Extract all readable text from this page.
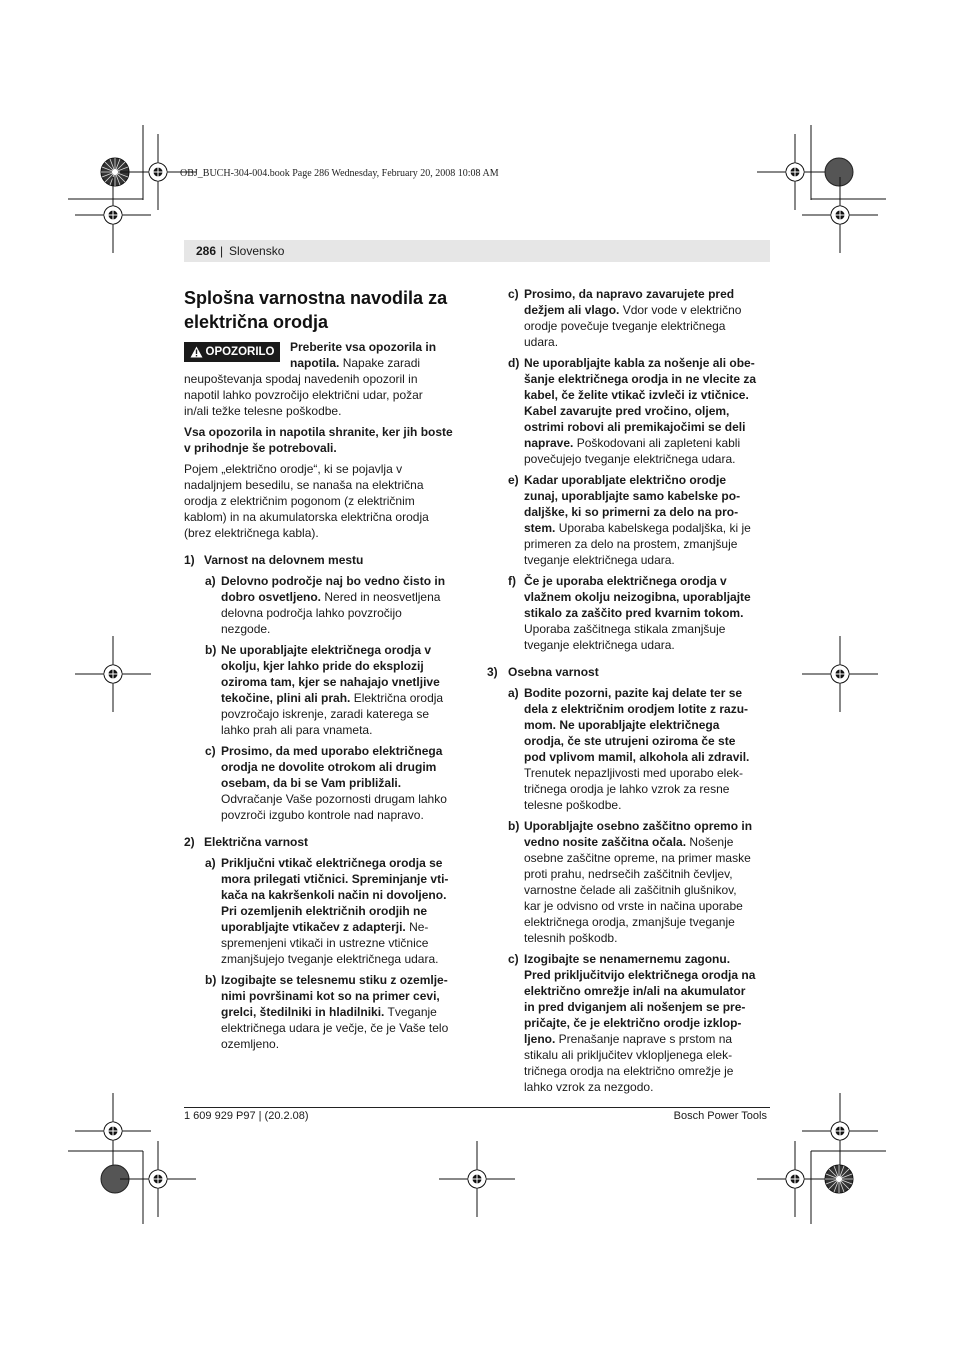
OBJ_BUCH-304-004.book Page 286 Wednesday, February 20, 2008 10:08 AM
286 | Slovensko
Splošna varnostna navodila za električna orodja
OPOZORILO Preberite vsa opozorila in napotila. Napake zaradi

neupoštevanja spodaj navedenih opozoril in

napotil lahko povzročijo električni udar, požar

in/ali težke telesne poškodbe.

Vsa opozorila in napotila shranite, ker jih boste

v prihodnje še potrebovali.

Pojem „električno orodje“, ki se pojavlja v

nadaljnjem besedilu, se nanaša na električna

orodja z električnim pogonom (z električnim

kablom) in na akumulatorska električna orodja

(brez električnega kabla).

1) Varnost na delovnem mestu
a) Delovno področje naj bo vedno čisto in

dobro osvetljeno. Nered in neosvetljena

delovna področja lahko povzročijo

nezgode.

b) Ne uporabljajte električnega orodja v

okolju, kjer lahko pride do eksplozij

oziroma tam, kjer se nahajajo vnetljive

tekočine, plini ali prah. Električna orodja

povzročajo iskrenje, zaradi katerega se

lahko prah ali para vnameta.

c) Prosimo, da med uporabo električnega

orodja ne dovolite otrokom ali drugim

osebam, da bi se Vam približali.

Odvračanje Vaše pozornosti drugam lahko

povzroči izgubo kontrole nad napravo.

2) Električna varnost
a) Priključni vtikač električnega orodja se

mora prilegati vtičnici. Spreminjanje vti-

kača na kakršenkoli način ni dovoljeno.

Pri ozemljenih električnih orodjih ne

uporabljajte vtikačev z adapterji. Ne-

spremenjeni vtikači in ustrezne vtičnice

zmanjšujejo tveganje električnega udara.

b) Izogibajte se telesnemu stiku z ozemlje-

nimi površinami kot so na primer cevi,

grelci, štedilniki in hladilniki. Tveganje

električnega udara je večje, če je Vaše telo

ozemljeno.

c) Prosimo, da napravo zavarujete pred

dežjem ali vlago. Vdor vode v električno

orodje povečuje tveganje električnega

udara.

d) Ne uporabljajte kabla za nošenje ali obe-

šanje električnega orodja in ne vlecite za

kabel, če želite vtikač izvleči iz vtičnice.

Kabel zavarujte pred vročino, oljem,

ostrimi robovi ali premikajočimi se deli

naprave. Poškodovani ali zapleteni kabli

povečujejo tveganje električnega udara.

e) Kadar uporabljate električno orodje

zunaj, uporabljajte samo kabelske po-

daljške, ki so primerni za delo na pro-

stem. Uporaba kabelskega podaljška, ki je

primeren za delo na prostem, zmanjšuje

tveganje električnega udara.

f) Če je uporaba električnega orodja v

vlažnem okolju neizogibna, uporabljajte

stikalo za zaščito pred kvarnim tokom.

Uporaba zaščitnega stikala zmanjšuje

tveganje električnega udara.

3) Osebna varnost
a) Bodite pozorni, pazite kaj delate ter se

dela z električnim orodjem lotite z razu-

mom. Ne uporabljajte električnega

orodja, če ste utrujeni oziroma če ste

pod vplivom mamil, alkohola ali zdravil.

Trenutek nepazljivosti med uporabo elek-

tričnega orodja je lahko vzrok za resne

telesne poškodbe.

b) Uporabljajte osebno zaščitno opremo in

vedno nosite zaščitna očala. Nošenje

osebne zaščitne opreme, na primer maske

proti prahu, nedrsečih zaščitnih čevljev,

varnostne čelade ali zaščitnih glušnikov,

kar je odvisno od vrste in načina uporabe

električnega orodja, zmanjšuje tveganje

telesnih poškodb.

c) Izogibajte se nenamernemu zagonu.

Pred priključitvijo električnega orodja na

električno omrežje in/ali na akumulator

in pred dviganjem ali nošenjem se pre-

pričajte, če je električno orodje izklop-

ljeno. Prenašanje naprave s prstom na

stikalu ali priključitev vklopljenega elek-

tričnega orodja na električno omrežje je

lahko vzrok za nezgodo.

1 609 929 P97 | (20.2.08)	Bosch Power Tools
